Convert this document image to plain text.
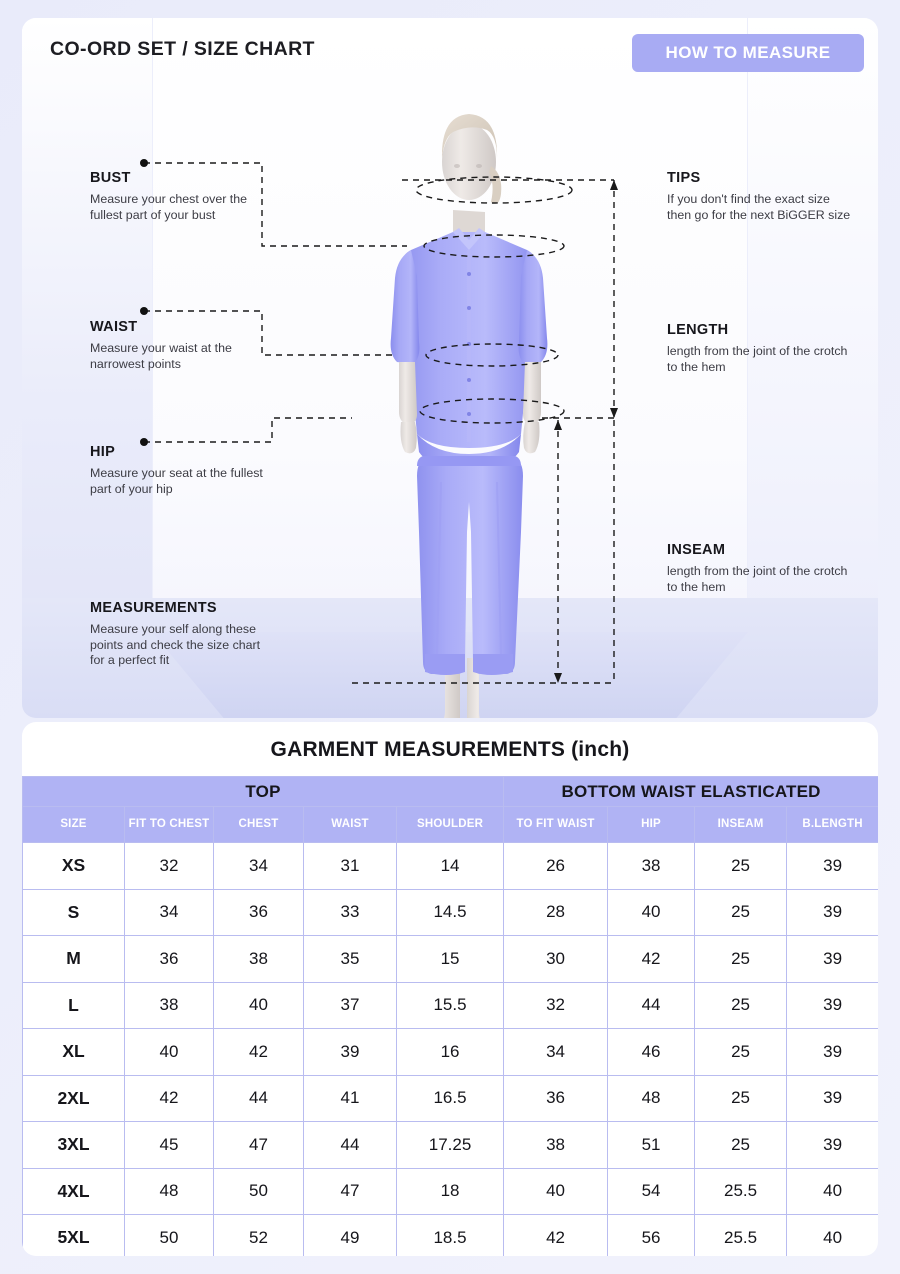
CO-ORD SET / SIZE CHART	HOW TO MEASURE
BUST
Measure your chest over the fullest part of your bust
WAIST
Measure your waist at the narrowest points
HIP
Measure your seat at the fullest part of your hip
MEASUREMENTS
Measure your self along these points and check the size chart for a perfect fit
TIPS
If you don't find the exact size then go for the next BiGGER size
LENGTH
length from the joint of the crotch to the hem
INSEAM
length from the joint of the crotch to the hem
GARMENT MEASUREMENTS (inch)
TOP					BOTTOM WAIST ELASTICATED			
SIZE	FIT TO CHEST	CHEST	WAIST	SHOULDER	TO FIT WAIST	HIP	INSEAM	B.LENGTH
XS	32	34	31	14	26	38	25	39
S	34	36	33	14.5	28	40	25	39
M	36	38	35	15	30	42	25	39
L	38	40	37	15.5	32	44	25	39
XL	40	42	39	16	34	46	25	39
2XL	42	44	41	16.5	36	48	25	39
3XL	45	47	44	17.25	38	51	25	39
4XL	48	50	47	18	40	54	25.5	40
5XL	50	52	49	18.5	42	56	25.5	40
